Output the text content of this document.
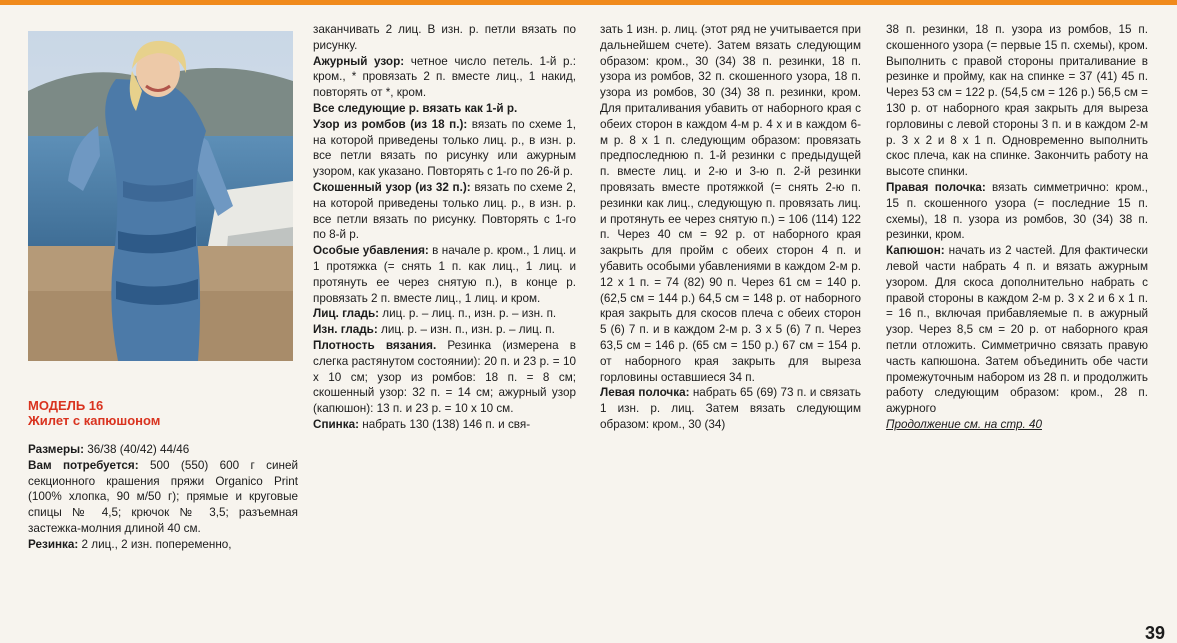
МОДЕЛЬ 16
Жилет с капюшоном
Размеры: 36/38 (40/42) 44/46
Вам потребуется: 500 (550) 600 г синей секционного крашения пряжи Organico Print (100% хлопка, 90 м/50 г); прямые и круговые спицы № 4,5; крючок № 3,5; разъемная застежка-молния длиной 40 см.
Резинка: 2 лиц., 2 изн. попеременно,

заканчивать 2 лиц. В изн. р. петли вязать по рисунку.

Ажурный узор: четное число петель. 1-й р.: кром., * провязать 2 п. вместе лиц., 1 накид, повторять от *, кром.

Все следующие р. вязать как 1-й р.

Узор из ромбов (из 18 п.): вязать по схеме 1, на которой приведены только лиц. р., в изн. р. все петли вязать по рисунку или ажурным узором, как указано. Повторять с 1-го по 26-й р.

Скошенный узор (из 32 п.): вязать по схеме 2, на которой приведены только лиц. р., в изн. р. все петли вязать по рисунку. Повторять с 1-го по 8-й р.

Особые убавления: в начале р. кром., 1 лиц. и 1 протяжка (= снять 1 п. как лиц., 1 лиц. и протянуть ее через снятую п.), в конце р. провязать 2 п. вместе лиц., 1 лиц. и кром.

Лиц. гладь: лиц. р. – лиц. п., изн. р. – изн. п.

Изн. гладь: лиц. р. – изн. п., изн. р. – лиц. п.

Плотность вязания. Резинка (измерена в слегка растянутом состоянии): 20 п. и 23 р. = 10 x 10 см; узор из ромбов: 18 п. = 8 см; скошенный узор: 32 п. = 14 см; ажурный узор (капюшон): 13 п. и 23 р. = 10 x 10 см.

Спинка: набрать 130 (138) 146 п. и свя-

зать 1 изн. р. лиц. (этот ряд не учитывается при дальнейшем счете). Затем вязать следующим образом: кром., 30 (34) 38 п. резинки, 18 п. узора из ромбов, 32 п. скошенного узора, 18 п. узора из ромбов, 30 (34) 38 п. резинки, кром. Для приталивания убавить от наборного края с обеих сторон в каждом 4-м р. 4 x и в каждом 6-м р. 8 x 1 п. следующим образом: провязать предпоследнюю п. 1-й резинки с предыдущей п. вместе лиц. и 2-ю и 3-ю п. 2-й резинки провязать вместе протяжкой (= снять 2-ю п. резинки как лиц., следующую п. провязать лиц. и протянуть ее через снятую п.) = 106 (114) 122 п. Через 40 см = 92 р. от наборного края закрыть для пройм с обеих сторон 4 п. и убавить особыми убавлениями в каждом 2-м р. 12 x 1 п. = 74 (82) 90 п. Через 61 см = 140 р. (62,5 см = 144 р.) 64,5 см = 148 р. от наборного края закрыть для скосов плеча с обеих сторон 5 (6) 7 п. и в каждом 2-м р. 3 x 5 (6) 7 п. Через 63,5 см = 146 р. (65 см = 150 р.) 67 см = 154 р. от наборного края закрыть для выреза горловины оставшиеся 34 п.

Левая полочка: набрать 65 (69) 73 п. и связать 1 изн. р. лиц. Затем вязать следующим образом: кром., 30 (34)

38 п. резинки, 18 п. узора из ромбов, 15 п. скошенного узора (= первые 15 п. схемы), кром. Выполнить с правой стороны приталивание в резинке и пройму, как на спинке = 37 (41) 45 п. Через 53 см = 122 р. (54,5 см = 126 р.) 56,5 см = 130 р. от наборного края закрыть для выреза горловины с левой стороны 3 п. и в каждом 2-м р. 3 x 2 и 8 x 1 п. Одновременно выполнить скос плеча, как на спинке. Закончить работу на высоте спинки.

Правая полочка: вязать симметрично: кром., 15 п. скошенного узора (= последние 15 п. схемы), 18 п. узора из ромбов, 30 (34) 38 п. резинки, кром.

Капюшон: начать из 2 частей. Для фактически левой части набрать 4 п. и вязать ажурным узором. Для скоса дополнительно набрать с правой стороны в каждом 2-м р. 3 x 2 и 6 x 1 п. = 16 п., включая прибавляемые п. в ажурный узор. Через 8,5 см = 20 р. от наборного края петли отложить. Симметрично связать правую часть капюшона. Затем объединить обе части промежуточным набором из 28 п. и продолжить работу следующим образом: кром., 28 п. ажурного

Продолжение см. на стр. 40

39
